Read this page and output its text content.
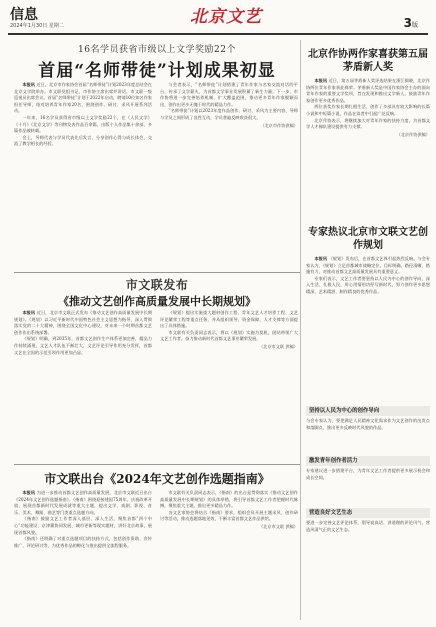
信息
2024年1月30日 星期二	北京文艺	3版
16名学员获省市级以上文学奖励22个
首届“名师带徒”计划成果初显

本报讯 近日，北京市作家协会首届“名师带徒”计划2023年度总结会在北京文学院举办。市文联党组书记、市作协主席出席并讲话，市文联一级巡视员出席会议。首届“名师带徒”计划于2022年启动，聘请10位知名作家担任导师，结对培养青年作家20名，围绕创作、研讨、采风开展系列活动。

一年来，16名学员获得省市级以上文学奖励22个，在《人民文学》《十月》《北京文学》等刊物发表作品百余篇，出版个人作品集十余部，多篇作品被转载。

会上，导师代表与学员代表先后发言，分享创作心得与成长体会，交流了教学相长的经验。

与会者表示，“名师带徒”计划搭建了青年作家与名家交流对话的平台，传承了文学薪火，为首都文学事业发展积蓄了新生力量。下一步，市作协将进一步完善培养机制，扩大覆盖范围，推动更多青年作家脱颖而出，创作出更多无愧于时代的精品力作。

“名师带徒”计划以2023年度作品创作、研讨、采风为主要内容，导师与学员之间形成了良性互动，学员普遍反映收获很大。

（北京市作协供稿）
市文联发布
《推动文艺创作高质量发展中长期规划》

本报讯 近日，北京市文联正式发布《推动文艺创作高质量发展中长期规划》。《规划》以习近平新时代中国特色社会主义思想为指导，深入贯彻落实党的二十大精神，围绕全国文化中心建设，对未来一个时期首都文艺创作作出系统部署。

《规划》明确，到2035年，首都文艺创作生产体系更加完善，精品力作持续涌现，文艺人才队伍不断壮大，文艺评论引导作用充分发挥，首都文艺在全国的示范引领作用更加凸显。

《规划》提出实施重大题材创作工程、青年文艺人才培养工程、文艺评论繁荣工程等重点任务，并从组织领导、资金保障、人才支撑等方面提出了具体措施。

市文联有关负责同志表示，将以《规划》实施为契机，团结带领广大文艺工作者，奋力推动新时代首都文艺事业繁荣发展。

（北京市文联 供稿）
市文联出台《2024年文艺创作选题指南》

本报讯 为进一步推动首都文艺创作高质量发展，北京市文联近日出台《2024年文艺创作选题指南》。《指南》围绕迎接建国75周年、庆祝改革开放、展现首都新时代发展成就等重大主题，提出文学、戏剧、影视、音乐、美术、舞蹈、曲艺等门类重点选题方向。

《指南》鼓励文艺工作者深入基层、深入生活，聚焦首都“四个中心”功能建设、京津冀协同发展、城市更新等现实题材，讲好北京故事，展现首都风貌。

《指南》还明确了对重点选题项目的扶持方式，包括创作资助、宣传推广、评论研讨等，为优秀作品的孵化与推出提供全流程服务。

市文联有关负责同志表示，《指南》的出台是贯彻落实《推动文艺创作高质量发展中长期规划》的具体举措，将引导首都文艺工作者把握时代脉搏，聚焦重大主题，推出更多精品力作。

各文艺家协会将结合《指南》要求，组织会员开展主题采风、创作研讨等活动，推动选题落地见效，不断丰富首都文艺作品供给。

（北京市文联 供稿）
北京作协两作家喜获第五届茅盾新人奖

本报讯 近日，第五届茅盾新人奖评选结果在浙江揭晓，北京作协两位青年作家获此殊荣。茅盾新人奖是中国作家协会主办的面向青年作家的重要文学奖项，旨在发现和推出文学新人，鼓励青年作家创作更多优秀作品。

两位获奖作家长期扎根生活，创作了多部具有较大影响的长篇小说和中短篇小说，作品在读者中引起广泛反响。

北京作协表示，将继续加大对青年作家的扶持力度，为首都文学人才梯队建设提供有力支撑。

（北京作协供稿）
专家热议北京市文联文艺创作规划

本报讯 《规划》发布后，在首都文艺界引起热烈反响。与会专家认为，《规划》立足首都城市战略定位，目标明确、路径清晰、措施有力，对推动首都文艺高质量发展具有重要意义。

专家们表示，文艺工作者要坚持以人民为中心的创作导向，深入生活、扎根人民，用心用情用功抒写新时代，努力创作更多思想精深、艺术精湛、制作精良的优秀作品。

坚持以人民为中心的创作导向
与会专家认为，要把满足人民精神文化需求作为文艺创作的出发点和落脚点，推出更多反映时代风貌的作品。
激发青年创作者活力
专家建议进一步搭建平台，为青年文艺工作者提供更多展示机会和成长空间。
营造良好文艺生态
要进一步完善文艺评论体系，倡导说真话、讲道理的评论风气，营造风清气正的文艺生态。
